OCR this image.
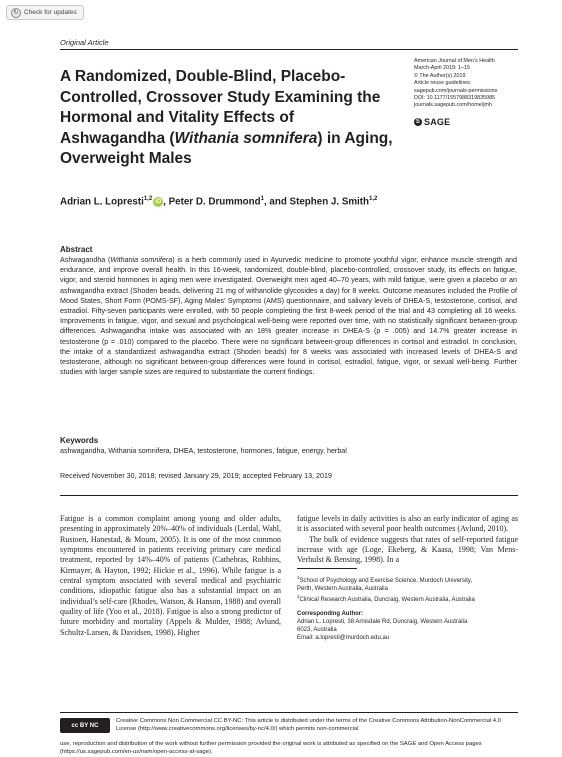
↻ Check for updates
Original Article
A Randomized, Double-Blind, Placebo-Controlled, Crossover Study Examining the Hormonal and Vitality Effects of Ashwagandha (Withania somnifera) in Aging, Overweight Males
American Journal of Men’s Health
March-April 2019: 1–15
© The Author(s) 2019
Article reuse guidelines:
sagepub.com/journals-permissions
DOI: 10.1177/1557988319835985
journals.sagepub.com/home/jmh
S SAGE
Adrian L. Lopresti$^{1,2}$iD , Peter D. Drummond$^1$, and Stephen J. Smith$^{1,2}$
Abstract

Ashwagandha (Withania somnifera) is a herb commonly used in Ayurvedic medicine to promote youthful vigor, enhance muscle strength and endurance, and improve overall health. In this 16-week, randomized, double-blind, placebo-controlled, crossover study, its effects on fatigue, vigor, and steroid hormones in aging men were investigated. Overweight men aged 40–70 years, with mild fatigue, were given a placebo or an ashwagandha extract (Shoden beads, delivering 21 mg of withanolide glycosides a day) for 8 weeks. Outcome measures included the Profile of Mood States, Short Form (POMS-SF), Aging Males’ Symptoms (AMS) questionnaire, and salivary levels of DHEA-S, testosterone, cortisol, and estradiol. Fifty-seven participants were enrolled, with 50 people completing the first 8-week period of the trial and 43 completing all 16 weeks. Improvements in fatigue, vigor, and sexual and psychological well-being were reported over time, with no statistically significant between-group differences. Ashwagandha intake was associated with an 18% greater increase in DHEA-S (p = .005) and 14.7% greater increase in testosterone (p = .010) compared to the placebo. There were no significant between-group differences in cortisol and estradiol. In conclusion, the intake of a standardized ashwagandha extract (Shoden beads) for 8 weeks was associated with increased levels of DHEA-S and testosterone, although no significant between-group differences were found in cortisol, estradiol, fatigue, vigor, or sexual well-being. Further studies with larger sample sizes are required to substantiate the current findings.

Keywords
ashwagandha, Withania somnifera, DHEA, testosterone, hormones, fatigue, energy, herbal
Received November 30, 2018; revised January 29, 2019; accepted February 13, 2019

Fatigue is a common complaint among young and older adults, presenting in approximately 20%–40% of individuals (Lerdal, Wahl, Rustoen, Hanestad, & Moum, 2005). It is one of the most common symptoms encountered in patients receiving primary care medical treatment, reported by 14%–40% of patients (Cathebras, Robbins, Kirmayer, & Hayton, 1992; Hickie et al., 1996). While fatigue is a central symptom associated with several medical and psychiatric conditions, idiopathic fatigue also has a substantial impact on an individual’s self-care (Rhodes, Watson, & Hanson, 1988) and overall quality of life (Yoo et al., 2018). Fatigue is also a strong predictor of future morbidity and mortality (Appels & Mulder, 1988; Avlund, Schultz-Larsen, & Davidsen, 1998). Higher

fatigue levels in daily activities is also an early indicator of aging as it is associated with several poor health outcomes (Avlund, 2010).

The bulk of evidence suggests that rates of self-reported fatigue increase with age (Loge, Ekeberg, & Kaasa, 1998; Van Mens-Verhulst & Bensing, 1998). In a

$^1$School of Psychology and Exercise Science, Murdoch University,
Perth, Western Australia, Australia
$^2$Clinical Research Australia, Duncraig, Western Australia, Australia
Corresponding Author:
Adrian L. Lopresti, 38 Arnisdale Rd, Duncraig, Western Australia
6023, Australia
Email: a.lopresti@murdoch.edu.au
cc BY NC
Creative Commons Non Commercial CC BY-NC: This article is distributed under the terms of the Creative Commons Attribution-NonCommercial 4.0 License (http://www.creativecommons.org/licenses/by-nc/4.0/) which permits non-commercial
use, reproduction and distribution of the work without further permission provided the original work is attributed as specified on the SAGE and Open Access pages (https://us.sagepub.com/en-us/nam/open-access-at-sage).
